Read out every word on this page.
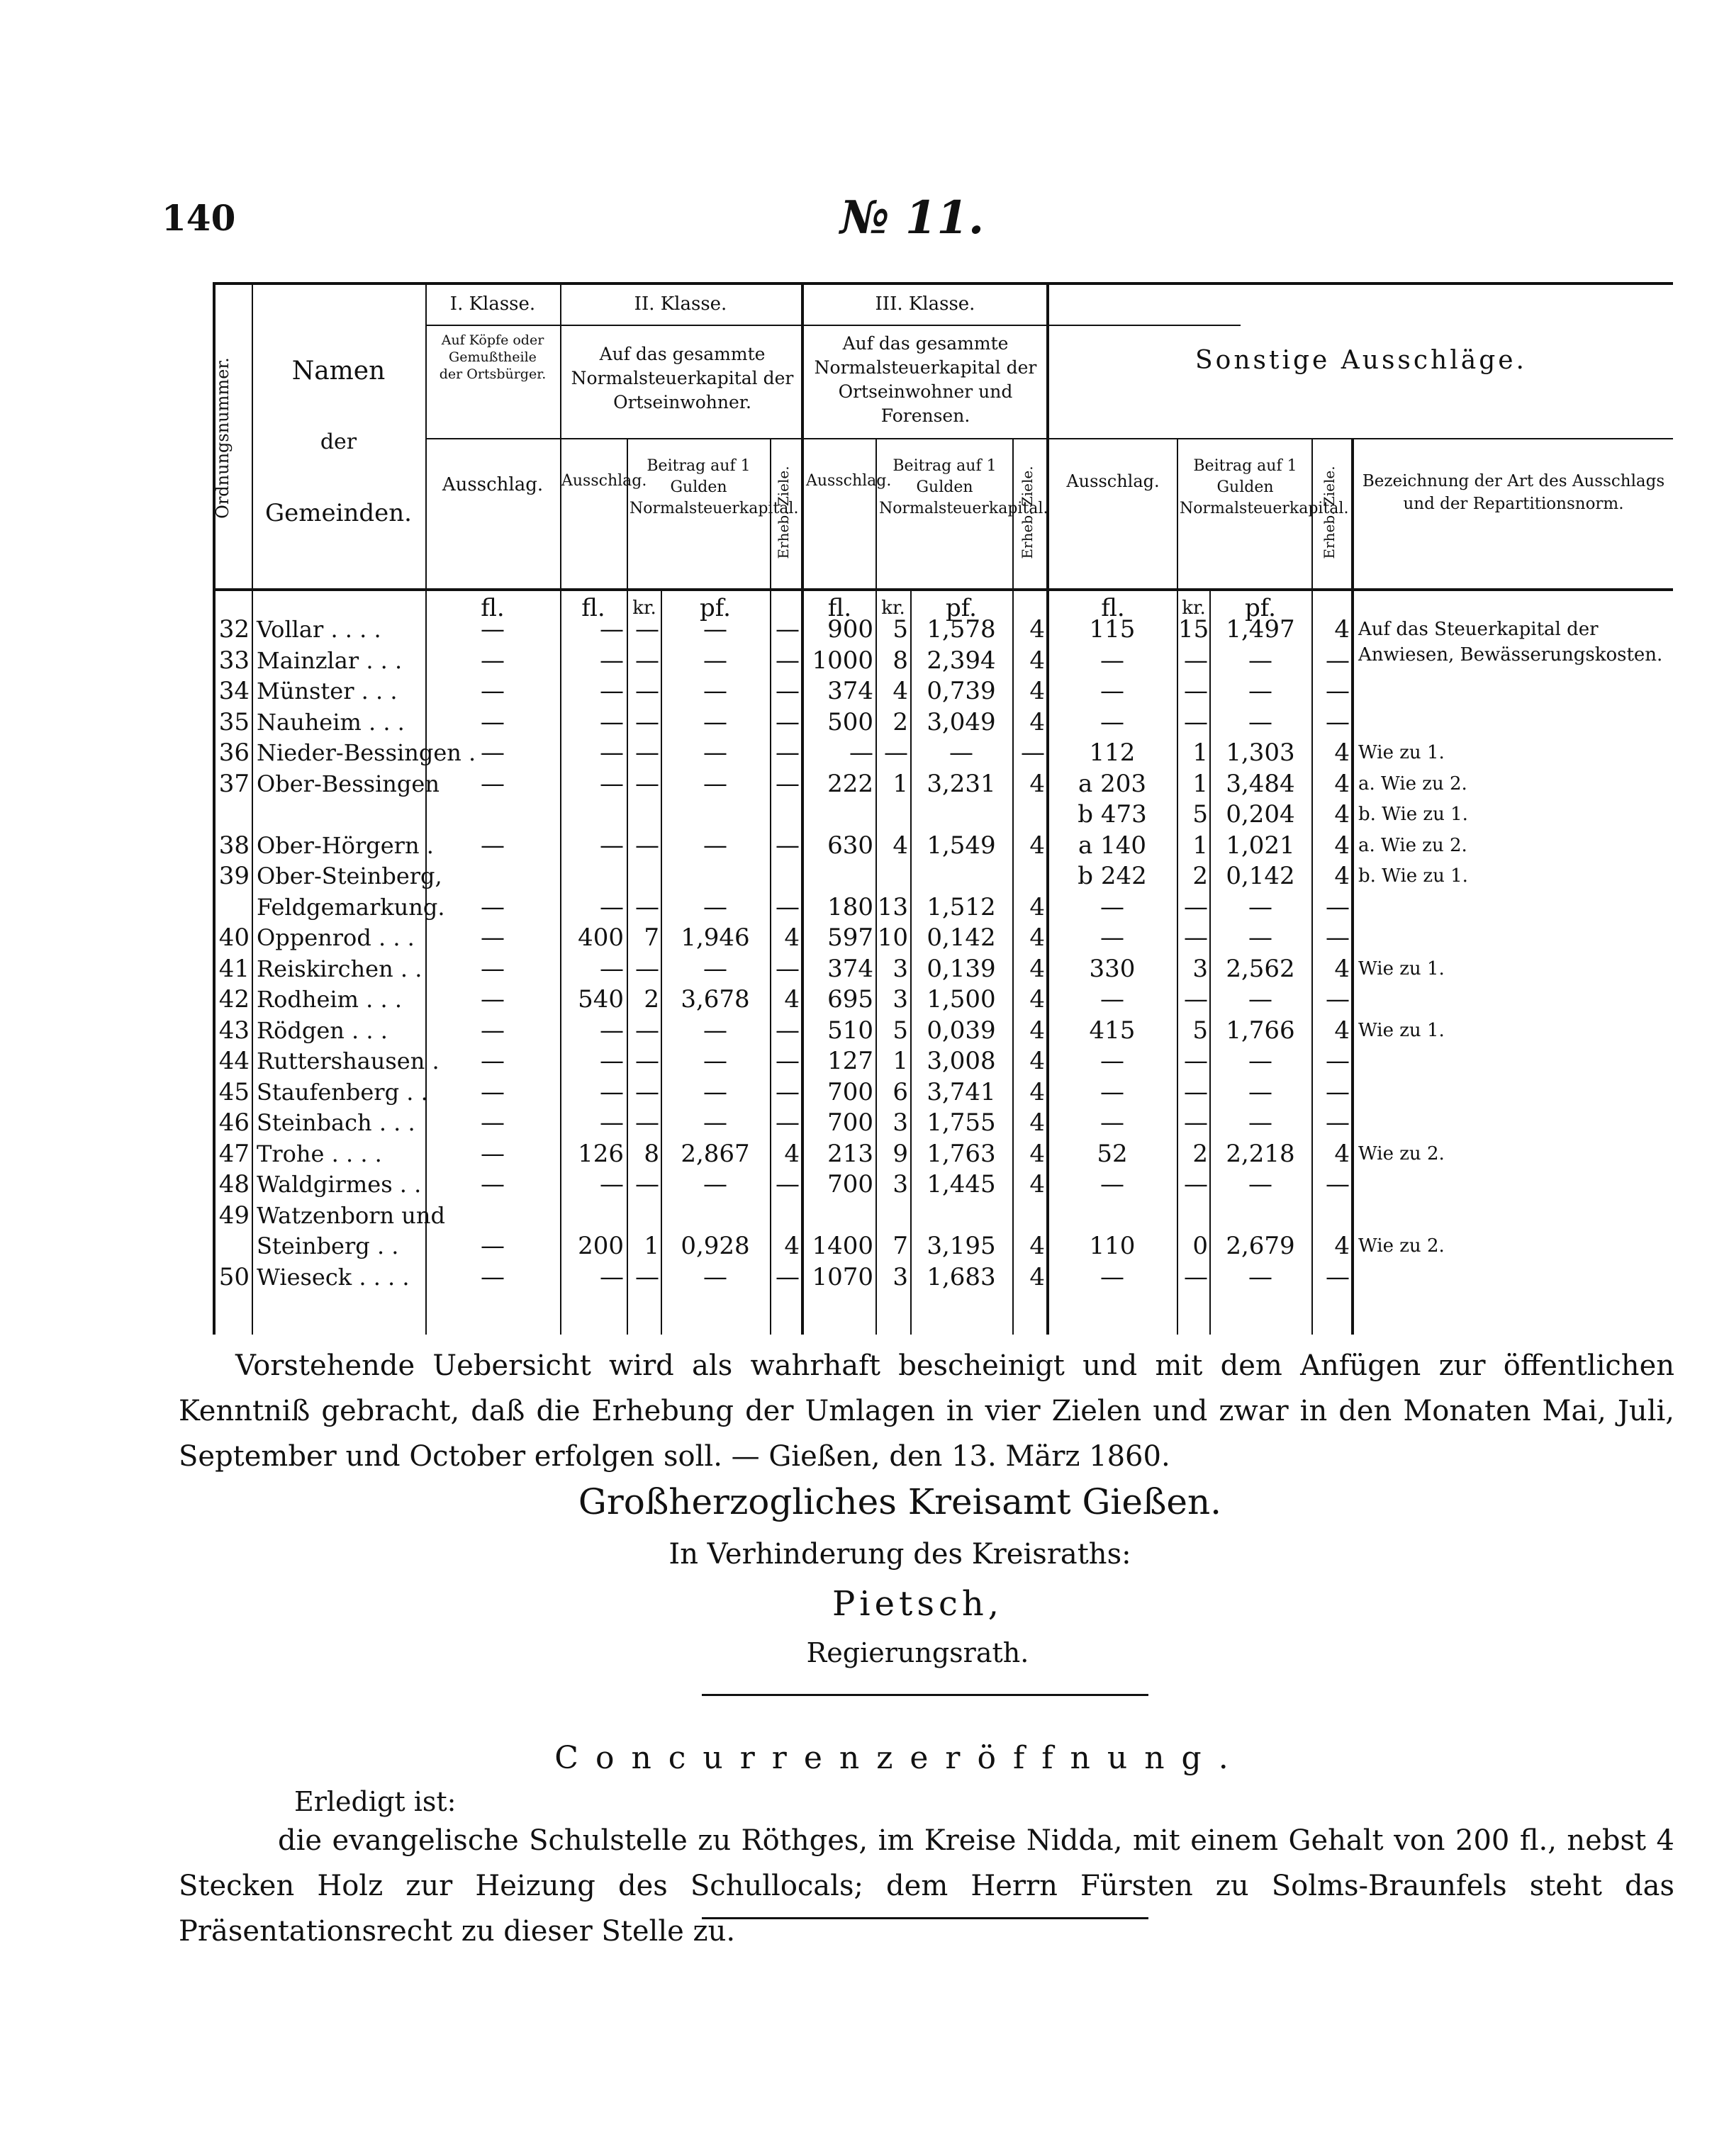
140	№ 11.
Ordnungsnummer.	Namen
der
Gemeinden.
I. Klasse.
Auf Köpfe oder Gemußtheile der Ortsbürger.
Ausschlag.
II. Klasse.
Auf das gesammte Normalsteuerkapital der Ortseinwohner.
Ausschlag.
Beitrag auf 1 Gulden Normalsteuerkapital.
Erheb. Ziele.
III. Klasse.
Auf das gesammte Normalsteuerkapital der Ortseinwohner und Forensen.
Ausschlag.
Beitrag auf 1 Gulden Normalsteuerkapital.
Erheb. Ziele.
Sonstige Ausschläge.
Ausschlag.
Beitrag auf 1 Gulden Normalsteuerkapital.
Erheb. Ziele. Bezeichnung der Art des Ausschlags und der Repartitionsnorm.
fl.	fl.	kr.	pf.	fl.	kr.	pf.	fl.	kr.	pf.
32 Vollar . . . .	—	— —	—	—	900 5 1,578	4	115	15 1,497	4 Auf das Steuerkapital der Anwiesen, Bewässerungskosten.
33 Mainzlar . . .	—	— —	—	— 1000 8 2,394	4	—	—	—	—
34 Münster . . .	—	— —	—	—	374 4 0,739	4	—	—	—	—
35 Nauheim . . .	—	— —	—	—	500 2 3,049	4	—	—	—	—
36 Nieder-Bessingen . —	— —	—	—	— —	—	—	112	1 1,303	4 Wie zu 1.
37 Ober-Bessingen	—	— —	—	—	222 1 3,231	4	a 203	1 3,484	4 a. Wie zu 2.
b 473	5 0,204	4 b. Wie zu 1.
38 Ober-Hörgern .	—	— —	—	—	630 4 1,549	4	a 140	1 1,021	4 a. Wie zu 2.
39 Ober-Steinberg,	b 242	2 0,142	4 b. Wie zu 1.
Feldgemarkung.	—	— —	—	—	180 13 1,512	4	—	—	—	—
40 Oppenrod . . .	—	400 7 1,946	4	597 10 0,142	4	—	—	—	—
41 Reiskirchen . .	—	— —	—	—	374 3 0,139	4	330	3 2,562	4 Wie zu 1.
42 Rodheim . . .	—	540 2 3,678	4	695 3 1,500	4	—	—	—	—
43 Rödgen . . .	—	— —	—	—	510 5 0,039	4	415	5 1,766	4 Wie zu 1.
44 Ruttershausen .	—	— —	—	—	127 1 3,008	4	—	—	—	—
45 Staufenberg . .	—	— —	—	—	700 6 3,741	4	—	—	—	—
46 Steinbach . . .	—	— —	—	—	700 3 1,755	4	—	—	—	—
47 Trohe . . . .	—	126 8 2,867	4	213 9 1,763	4	52	2 2,218	4 Wie zu 2.
48 Waldgirmes . .	—	— —	—	—	700 3 1,445	4	—	—	—	—
49 Watzenborn und
Steinberg . .	—	200 1 0,928	4 1400 7 3,195	4	110	0 2,679	4 Wie zu 2.
50 Wieseck . . . .	—	— —	—	— 1070 3 1,683	4	—	—	—	—
Vorstehende Uebersicht wird als wahrhaft bescheinigt und mit dem Anfügen zur öffentlichen Kenntniß gebracht, daß die Erhebung der Umlagen in vier Zielen und zwar in den Monaten Mai, Juli, September und October erfolgen soll. — Gießen, den 13. März 1860.
Großherzogliches Kreisamt Gießen.
In Verhinderung des Kreisraths:
Pietsch,
Regierungsrath.
Concurrenzeröffnung.
Erledigt ist:
die evangelische Schulstelle zu Röthges, im Kreise Nidda, mit einem Gehalt von 200 fl., nebst 4 Stecken Holz zur Heizung des Schullocals; dem Herrn Fürsten zu Solms-Braunfels steht das Präsentationsrecht zu dieser Stelle zu.
